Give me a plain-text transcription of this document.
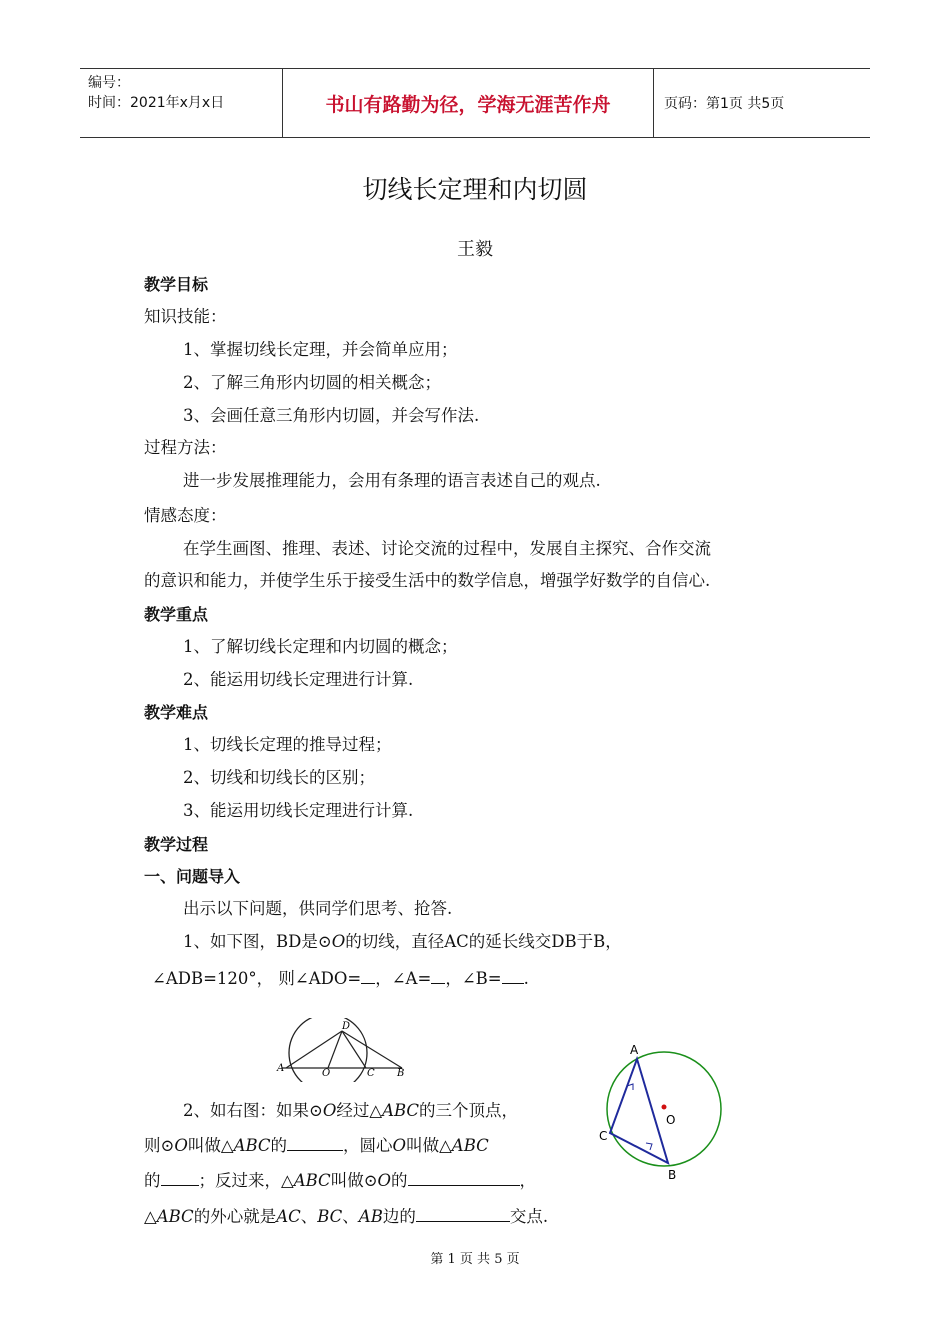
编号：
时间：2021年x月x日	书山有路勤为径，学海无涯苦作舟	页码：第1页 共5页
切线长定理和内切圆
王毅
教学目标
知识技能：
1、掌握切线长定理，并会简单应用；
2、了解三角形内切圆的相关概念；
3、会画任意三角形内切圆，并会写作法.
过程方法：
进一步发展推理能力，会用有条理的语言表述自己的观点.
情感态度：
在学生画图、推理、表述、讨论交流的过程中，发展自主探究、合作交流
的意识和能力，并使学生乐于接受生活中的数学信息，增强学好数学的自信心.
教学重点
1、了解切线长定理和内切圆的概念；
2、能运用切线长定理进行计算.
教学难点
1、切线长定理的推导过程；
2、切线和切线长的区别；
3、能运用切线长定理进行计算.
教学过程
一、问题导入
出示以下问题，供同学们思考、抢答.
1、如下图，BD是⊙O的切线，直径AC的延长线交DB于B，
∠ADB=120°， 则∠ADO= ，∠A= ，∠B= .
D
A	O	C B
2、如右图：如果⊙O经过△ABC的三个顶点，
则⊙O叫做△ABC的	，圆心O叫做△ABC
的 ；反过来，△ABC叫做⊙O的	，
△ABC的外心就是AC、BC、AB边的	交点.
A
C
B
O
第 1 页 共 5 页
